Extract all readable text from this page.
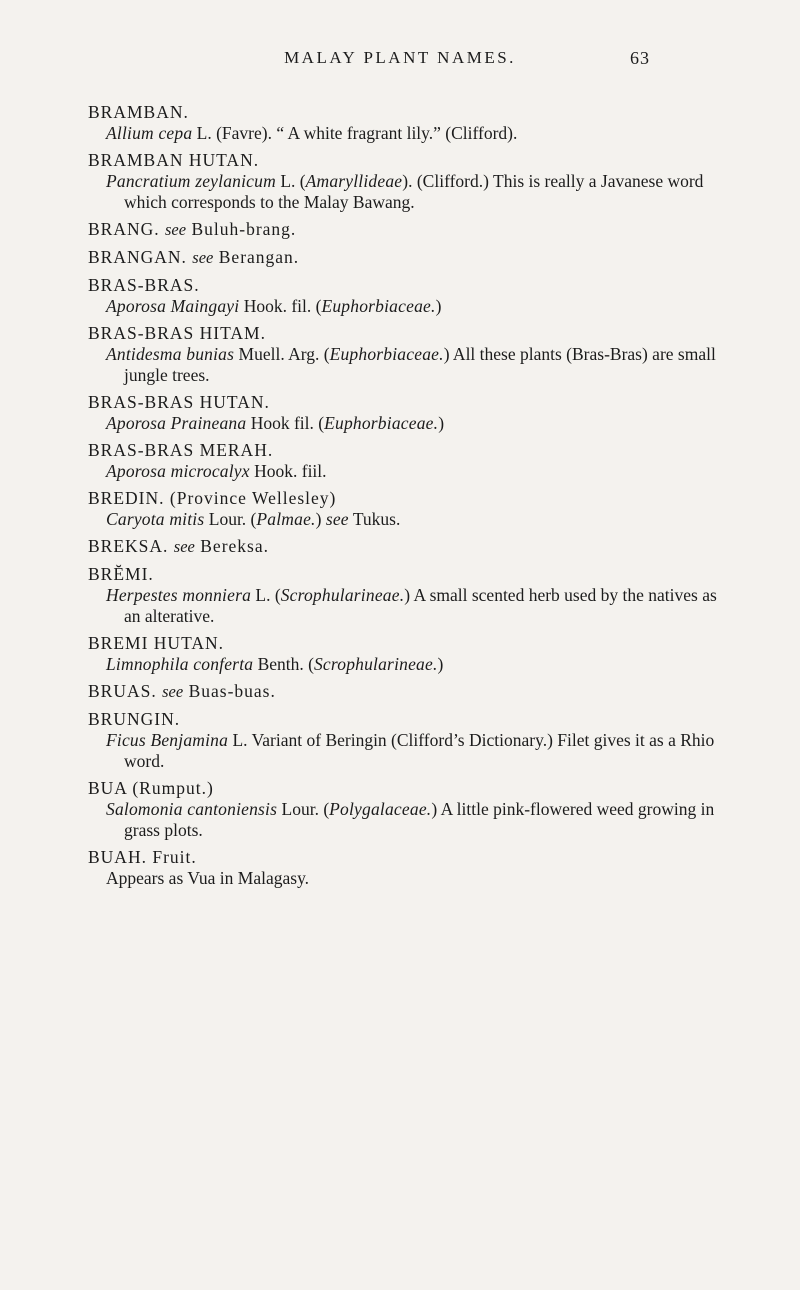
MALAY PLANT NAMES.	63
BRAMBAN.
Allium cepa L. (Favre). “ A white fragrant lily.” (Clifford).
BRAMBAN HUTAN.
Pancratium zeylanicum L. (Amaryllideae). (Clifford.) This is really a Javanese word which corresponds to the Malay Bawang.
BRANG. see Buluh-brang.
BRANGAN. see Berangan.
BRAS-BRAS.
Aporosa Maingayi Hook. fil. (Euphorbiaceae.)
BRAS-BRAS HITAM.
Antidesma bunias Muell. Arg. (Euphorbiaceae.) All these plants (Bras-Bras) are small jungle trees.
BRAS-BRAS HUTAN.
Aporosa Praineana Hook fil. (Euphorbiaceae.)
BRAS-BRAS MERAH.
Aporosa microcalyx Hook. fiil.
BREDIN. (Province Wellesley)
Caryota mitis Lour. (Palmae.) see Tukus.
BREKSA. see Bereksa.
BRĔMI.
Herpestes monniera L. (Scrophularineae.) A small scented herb used by the natives as an alterative.
BREMI HUTAN.
Limnophila conferta Benth. (Scrophularineae.)
BRUAS. see Buas-buas.
BRUNGIN.
Ficus Benjamina L. Variant of Beringin (Clifford’s Dictionary.) Filet gives it as a Rhio word.
BUA (Rumput.)
Salomonia cantoniensis Lour. (Polygalaceae.) A little pink-flowered weed growing in grass plots.
BUAH. Fruit.
Appears as Vua in Malagasy.
